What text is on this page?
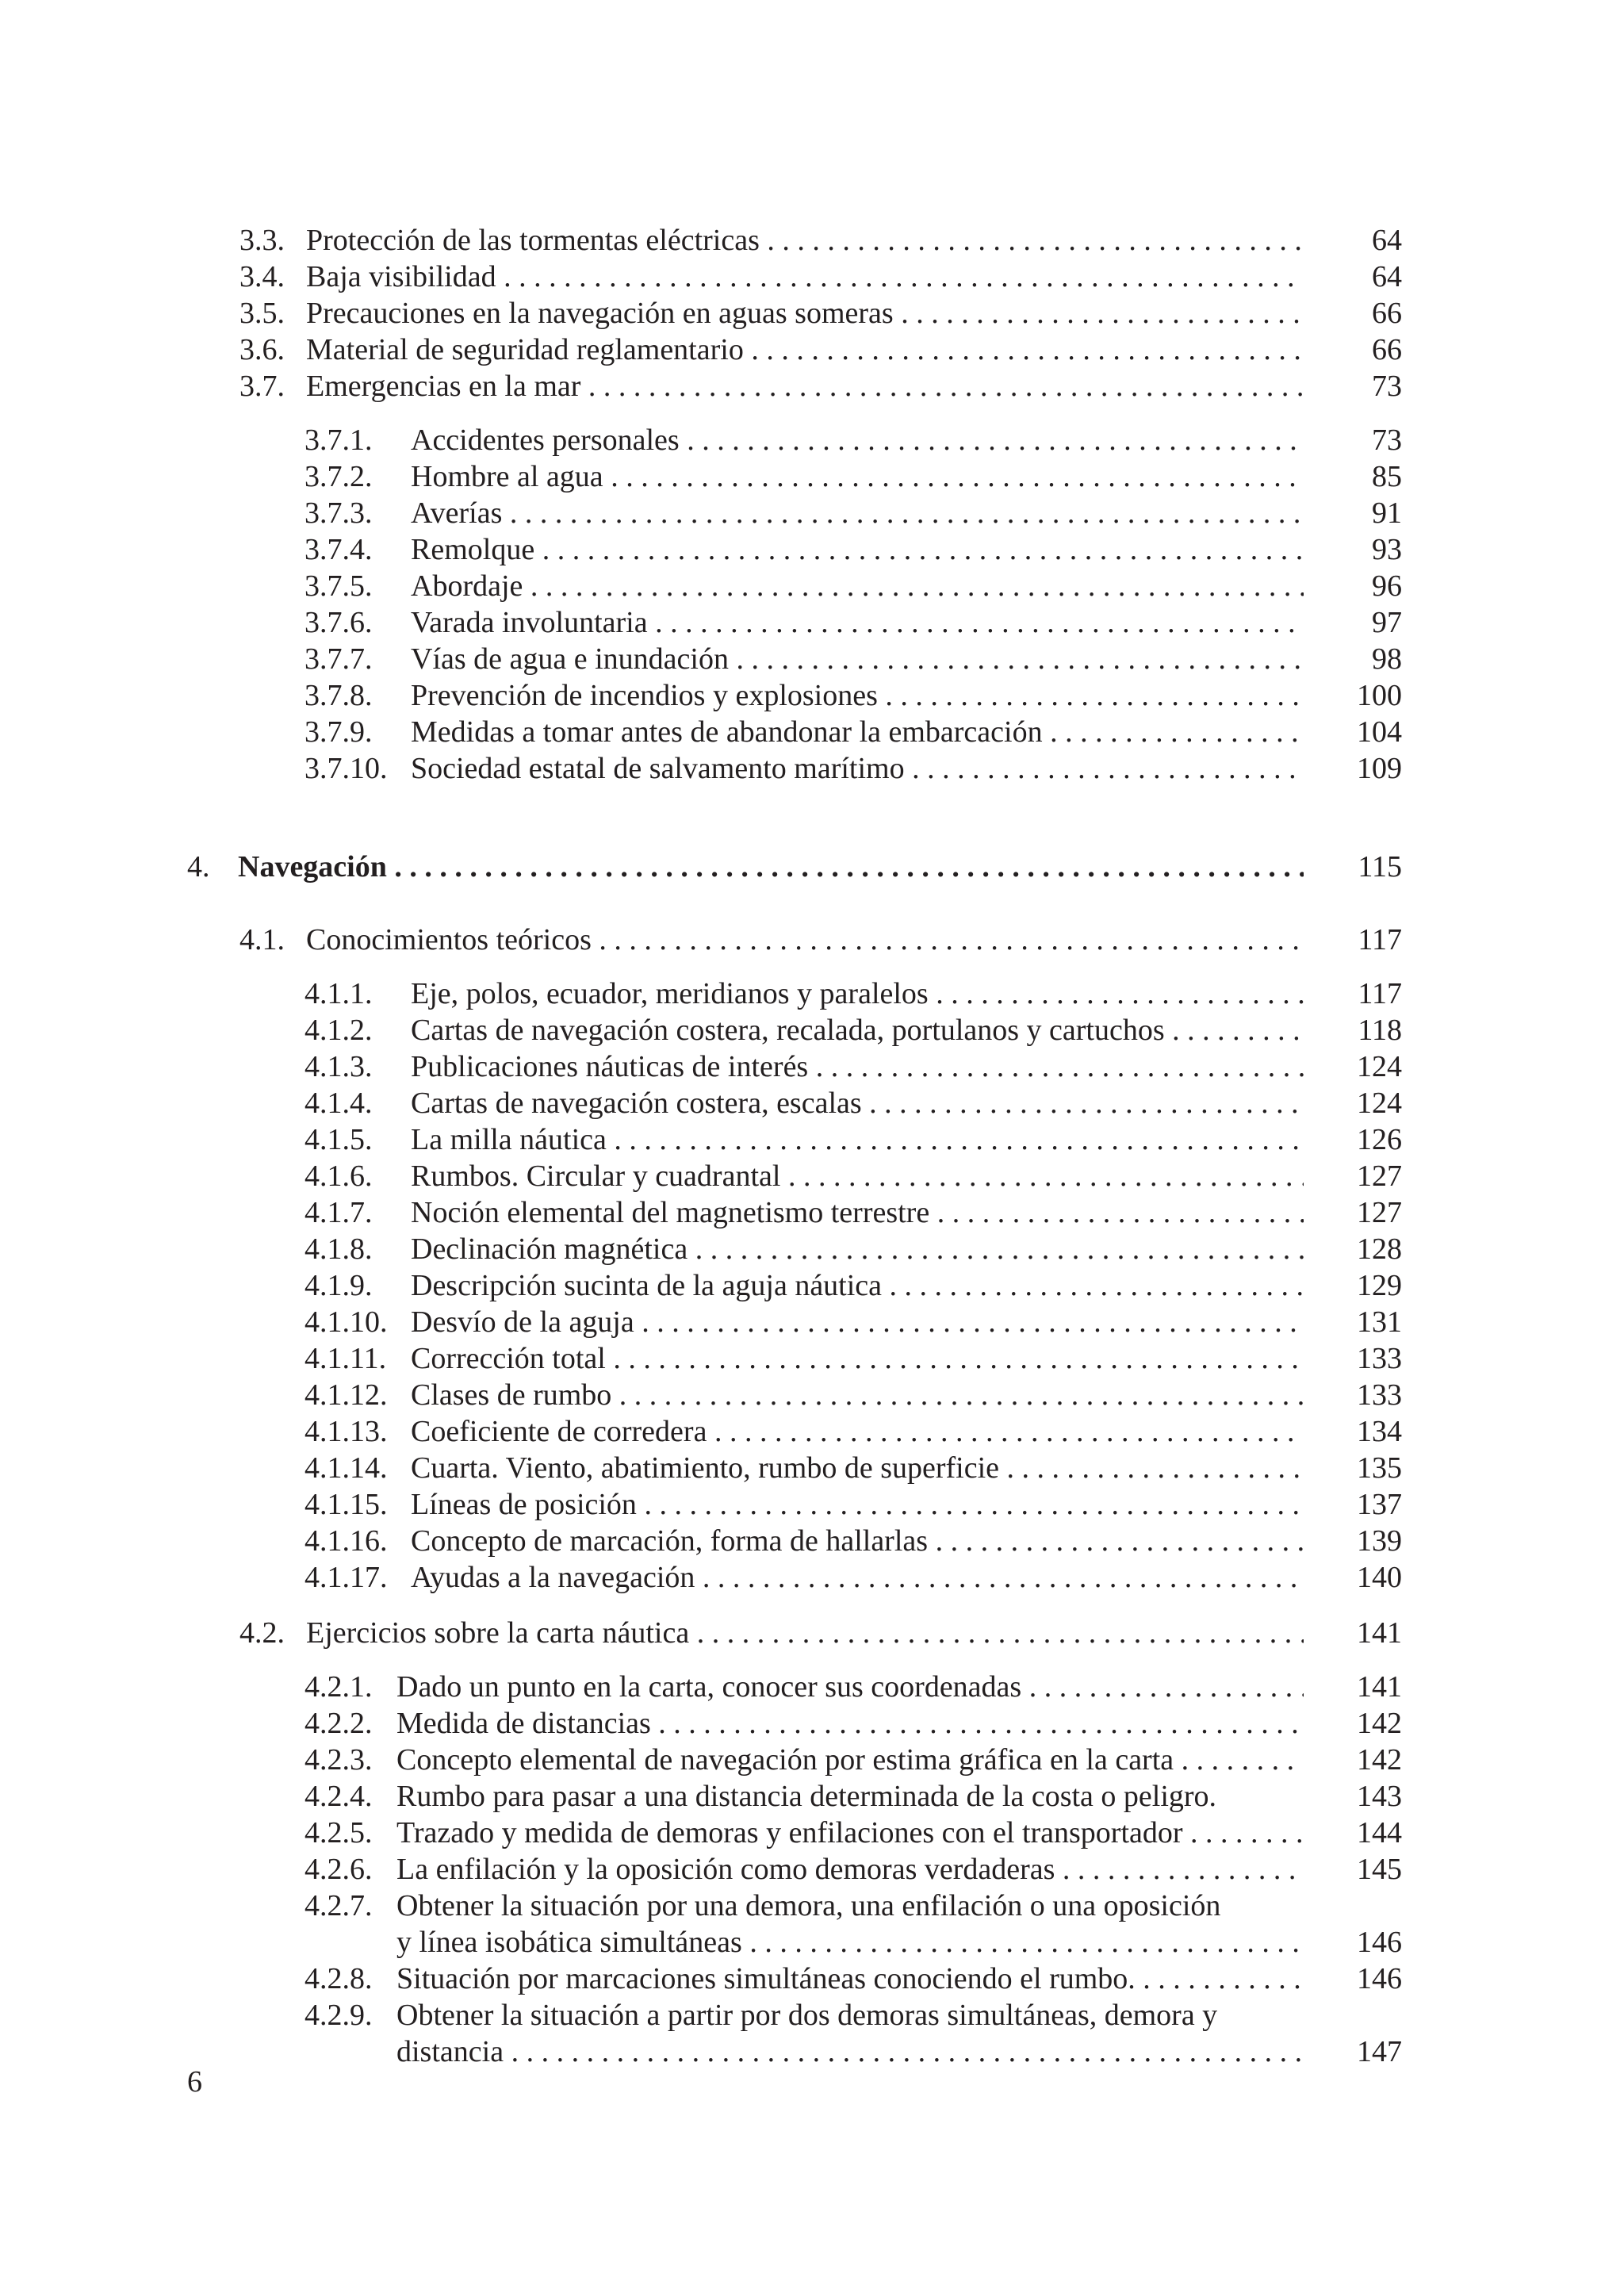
3.3. Protección de las tormentas eléctricas . . .	64
3.4. Baja visibilidad . . .	64
3.5. Precauciones en la navegación en aguas someras . . .	66
3.6. Material de seguridad reglamentario . . .	66
3.7. Emergencias en la mar . . .	73
3.7.1. Accidentes personales . . .	73
3.7.2. Hombre al agua . . .	85
3.7.3. Averías . . .	91
3.7.4. Remolque . . .	93
3.7.5. Abordaje . . .	96
3.7.6. Varada involuntaria . . .	97
3.7.7. Vías de agua e inundación . . .	98
3.7.8. Prevención de incendios y explosiones . . .	100
3.7.9. Medidas a tomar antes de abandonar la embarcación . . .	104
3.7.10. Sociedad estatal de salvamento marítimo . . .	109
4. Navegación . . .	115
4.1. Conocimientos teóricos . . .	117
4.1.1. Eje, polos, ecuador, meridianos y paralelos . . .	117
4.1.2. Cartas de navegación costera, recalada, portulanos y cartuchos . . .	118
4.1.3. Publicaciones náuticas de interés . . .	124
4.1.4. Cartas de navegación costera, escalas . . .	124
4.1.5. La milla náutica . . .	126
4.1.6. Rumbos. Circular y cuadrantal . . .	127
4.1.7. Noción elemental del magnetismo terrestre . . .	127
4.1.8. Declinación magnética . . .	128
4.1.9. Descripción sucinta de la aguja náutica . . .	129
4.1.10. Desvío de la aguja . . .	131
4.1.11. Corrección total . . .	133
4.1.12. Clases de rumbo . . .	133
4.1.13. Coeficiente de corredera . . .	134
4.1.14. Cuarta. Viento, abatimiento, rumbo de superficie . . .	135
4.1.15. Líneas de posición . . .	137
4.1.16. Concepto de marcación, forma de hallarlas . . .	139
4.1.17. Ayudas a la navegación . . .	140
4.2. Ejercicios sobre la carta náutica . . .	141
4.2.1. Dado un punto en la carta, conocer sus coordenadas . . .	141
4.2.2. Medida de distancias . . .	142
4.2.3. Concepto elemental de navegación por estima gráfica en la carta . . .	142
4.2.4. Rumbo para pasar a una distancia determinada de la costa o peligro.	143
4.2.5. Trazado y medida de demoras y enfilaciones con el transportador . . .	144
4.2.6. La enfilación y la oposición como demoras verdaderas . . .	145
4.2.7. Obtener la situación por una demora, una enfilación o una oposición
y línea isobática simultáneas . . .	146
4.2.8. Situación por marcaciones simultáneas conociendo el rumbo. . . .	146
4.2.9. Obtener la situación a partir por dos demoras simultáneas, demora y
distancia . . .	147
6
